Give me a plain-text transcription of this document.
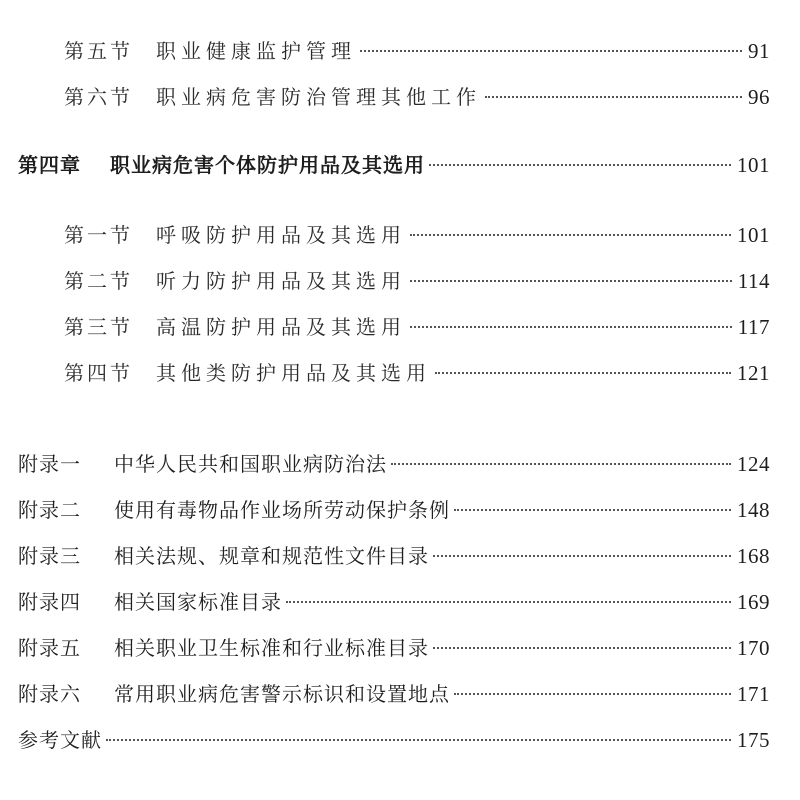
第五节	职业健康监护管理	91
第六节	职业病危害防治管理其他工作	96
第四章	职业病危害个体防护用品及其选用	101
第一节	呼吸防护用品及其选用	101
第二节	听力防护用品及其选用	114
第三节	高温防护用品及其选用	117
第四节	其他类防护用品及其选用	121
附录一	中华人民共和国职业病防治法	124
附录二	使用有毒物品作业场所劳动保护条例	148
附录三	相关法规、规章和规范性文件目录	168
附录四	相关国家标准目录	169
附录五	相关职业卫生标准和行业标准目录	170
附录六	常用职业病危害警示标识和设置地点	171
参考文献	175
